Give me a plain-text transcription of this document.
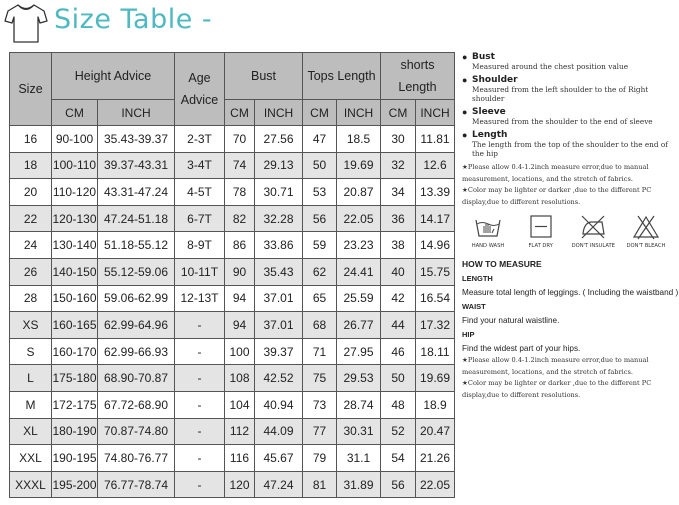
Size Table -
Size	Height Advice		Age Advice	Bust		Tops Length		shorts Length	
	CM	INCH		CM	INCH	CM	INCH	CM	INCH
16	90-100	35.43-39.37	2-3T	70	27.56	47	18.5	30	11.81
18	100-110	39.37-43.31	3-4T	74	29.13	50	19.69	32	12.6
20	110-120	43.31-47.24	4-5T	78	30.71	53	20.87	34	13.39
22	120-130	47.24-51.18	6-7T	82	32.28	56	22.05	36	14.17
24	130-140	51.18-55.12	8-9T	86	33.86	59	23.23	38	14.96
26	140-150	55.12-59.06	10-11T	90	35.43	62	24.41	40	15.75
28	150-160	59.06-62.99	12-13T	94	37.01	65	25.59	42	16.54
XS	160-165	62.99-64.96	-	94	37.01	68	26.77	44	17.32
S	160-170	62.99-66.93	-	100	39.37	71	27.95	46	18.11
L	175-180	68.90-70.87	-	108	42.52	75	29.53	50	19.69
M	172-175	67.72-68.90	-	104	40.94	73	28.74	48	18.9
XL	180-190	70.87-74.80	-	112	44.09	77	30.31	52	20.47
XXL	190-195	74.80-76.77	-	116	45.67	79	31.1	54	21.26
XXXL	195-200	76.77-78.74	-	120	47.24	81	31.89	56	22.05
● Bust
Measured around the chest position value
● Shoulder
Measured from the left shoulder to the of Right shoulder
● Sleeve
Measured from the shoulder to the end of sleeve
● Length
The length from the top of the shoulder to the end of the hip

★Please allow 0.4-1.2inch measure error,due to manual measurement, locations, and the stretch of fabrics.

★Color may be lighter or darker ,due to the different PC display,due to different resolutions.

HAND WASH	FLAT DRY	DON'T INSULATE	DON'T BLEACH
HOW TO MEASURE
LENGTH
Measure total length of leggings. ( Including the waistband )
WAIST
Find your natural waistline.
HIP
Find the widest part of your hips.

★Please allow 0.4-1.2inch measure error,due to manual measurement, locations, and the stretch of fabrics.

★Color may be lighter or darker ,due to the different PC display,due to different resolutions.
